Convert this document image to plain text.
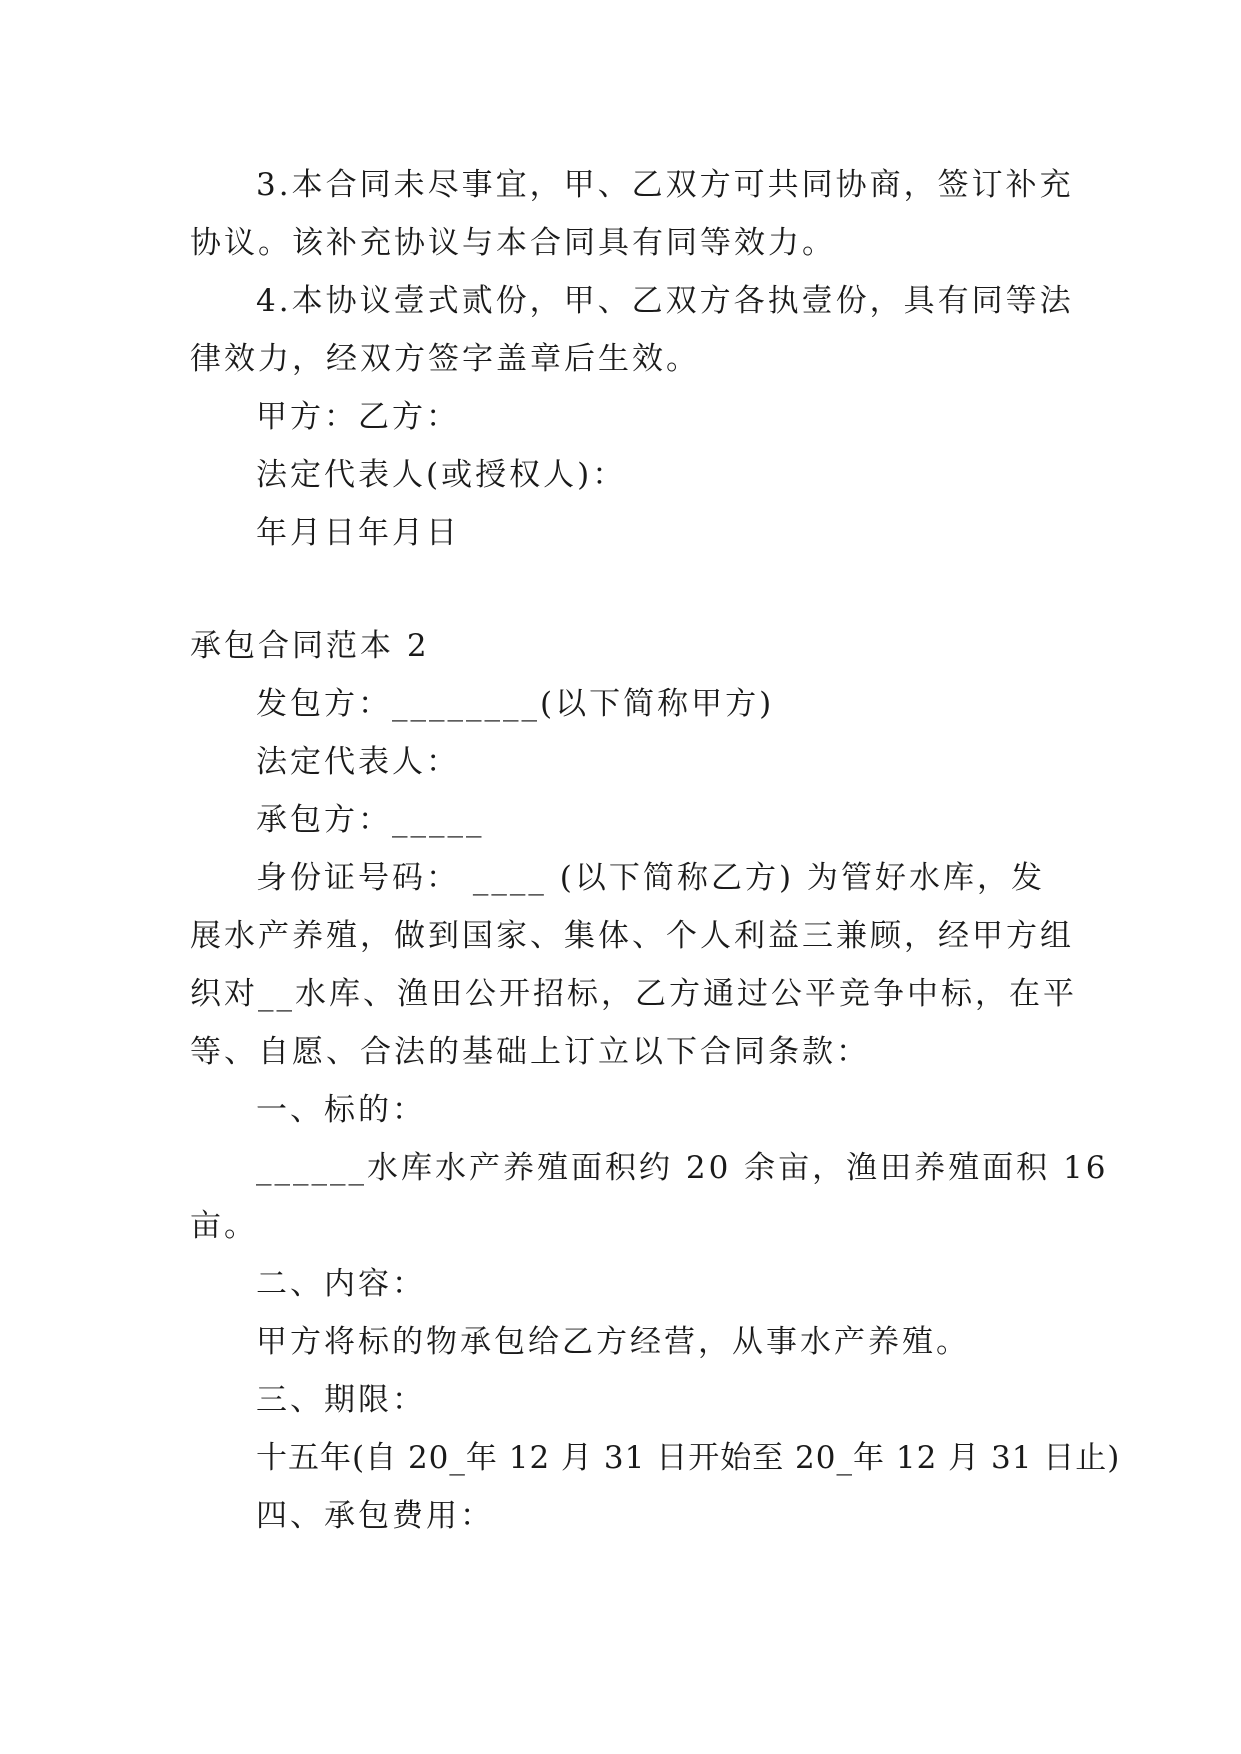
3.本合同未尽事宜，甲、乙双方可共同协商，签订补充
协议。该补充协议与本合同具有同等效力。
4.本协议壹式贰份，甲、乙双方各执壹份，具有同等法
律效力，经双方签字盖章后生效。
甲方：乙方：
法定代表人(或授权人)：
年月日年月日
承包合同范本 2
发包方：________(以下简称甲方)
法定代表人：
承包方：_____
身份证号码： ____ (以下简称乙方) 为管好水库，发
展水产养殖，做到国家、集体、个人利益三兼顾，经甲方组
织对__水库、渔田公开招标，乙方通过公平竞争中标，在平
等、自愿、合法的基础上订立以下合同条款：
一、标的：
______水库水产养殖面积约 20 余亩，渔田养殖面积 16
亩。
二、内容：
甲方将标的物承包给乙方经营，从事水产养殖。
三、期限：
十五年(自 20_年 12 月 31 日开始至 20_年 12 月 31 日止)
四、承包费用：
